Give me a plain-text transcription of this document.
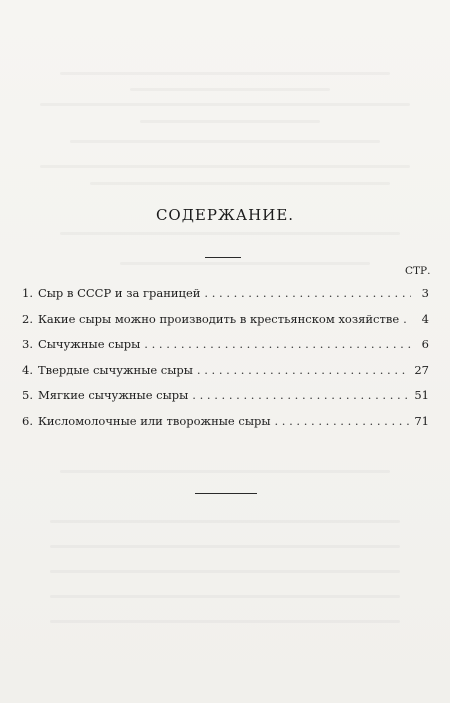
СОДЕРЖАНИЕ.
СТР.
1. Сыр в СССР и за границей . . .	3
2. Какие сыры можно производить в крестьянском хозяйстве . . .	4
3. Сычужные сыры . . .	6
4. Твердые сычужные сыры . . .	27
5. Мягкие сычужные сыры . . .	51
6. Кисломолочные или творожные сыры . . .	71
